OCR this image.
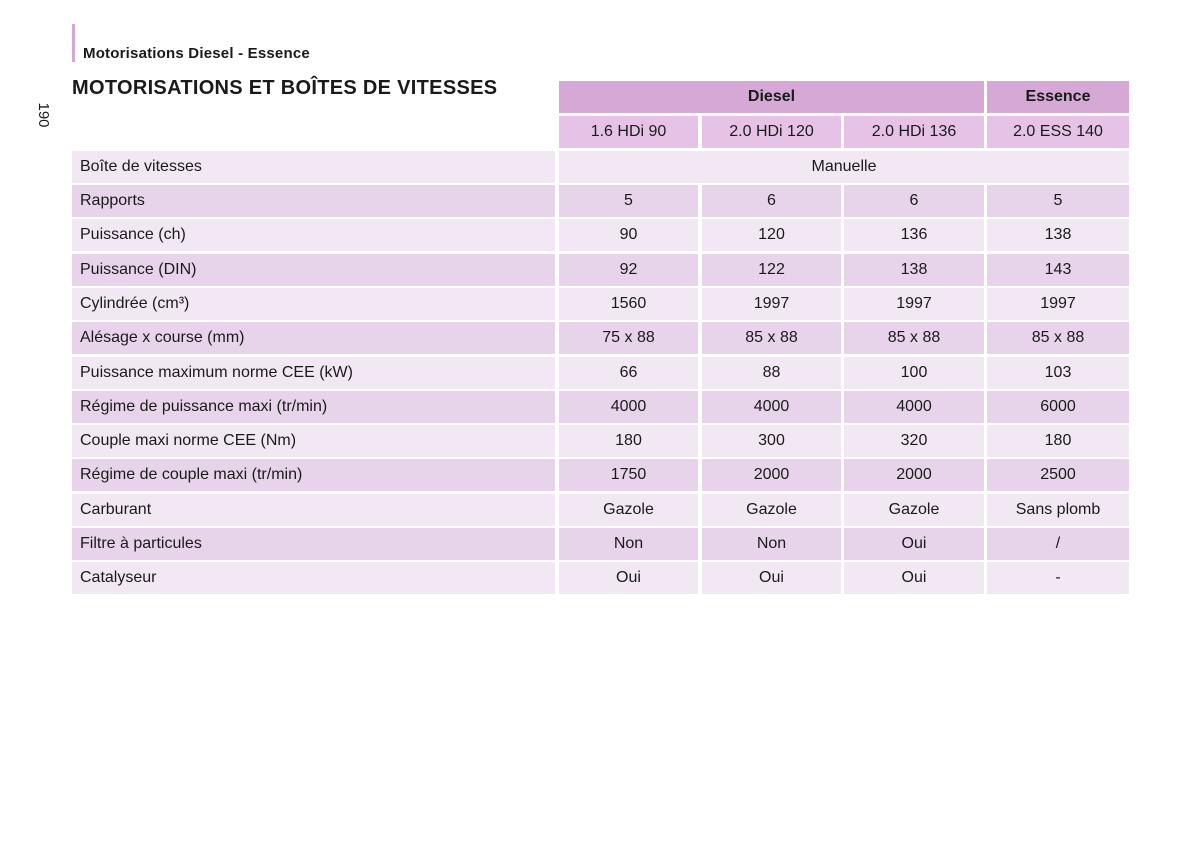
Motorisations Diesel - Essence
190
MOTORISATIONS ET BOÎTES DE VITESSES	Diesel	Essence
1.6 HDi 90	2.0 HDi 120	2.0 HDi 136	2.0 ESS 140
Boîte de vitesses	Manuelle
Rapports	5	6	6	5
Puissance (ch)	90	120	136	138
Puissance (DIN)	92	122	138	143
Cylindrée (cm³)	1560	1997	1997	1997
Alésage x course (mm)	75 x 88	85 x 88	85 x 88	85 x 88
Puissance maximum norme CEE (kW)	66	88	100	103
Régime de puissance maxi (tr/min)	4000	4000	4000	6000
Couple maxi norme CEE (Nm)	180	300	320	180
Régime de couple maxi (tr/min)	1750	2000	2000	2500
Carburant	Gazole	Gazole	Gazole	Sans plomb
Filtre à particules	Non	Non	Oui	/
Catalyseur	Oui	Oui	Oui	-
